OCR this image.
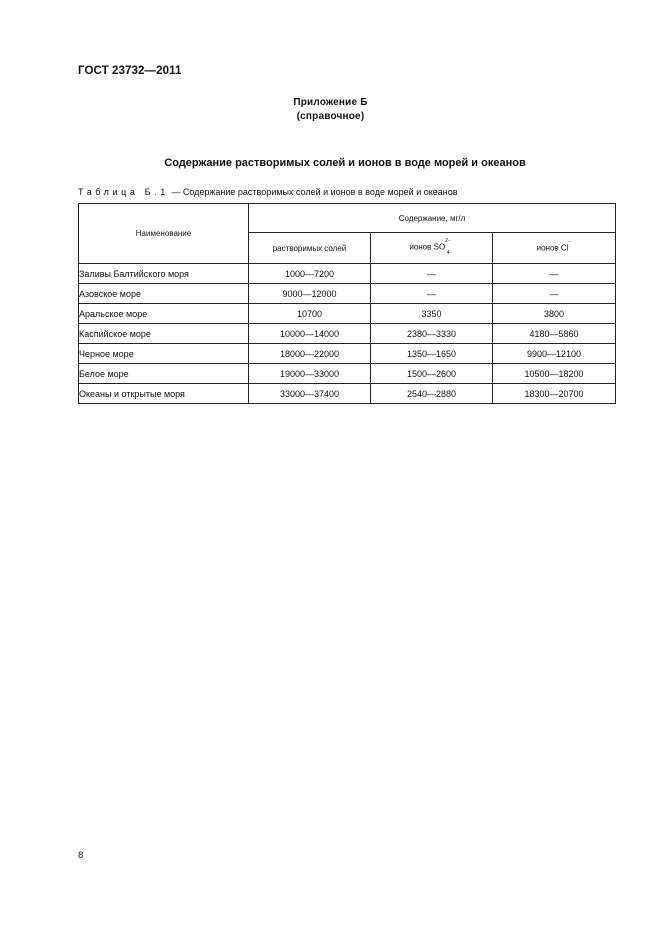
ГОСТ 23732—2011
Приложение Б
(справочное)
Содержание растворимых солей и ионов в воде морей и океанов
Таблица Б.1 — Содержание растворимых солей и ионов в воде морей и океанов
Наименование	Содержание, мг/л		
	растворимых солей	ионов $SO^{2-}_4$	ионов Cl−
Заливы Балтийского моря	1000—7200	—	—
Азовское море	9000—12000	—	—
Аральское море	10700	3350	3800
Каспийское море	10000—14000	2380—3330	4180—5860
Черное море	18000—22000	1350—1650	9900—12100
Белое море	19000—33000	1500—2600	10500—18200
Океаны и открытые моря	33000—37400	2540—2880	18300—20700
8
